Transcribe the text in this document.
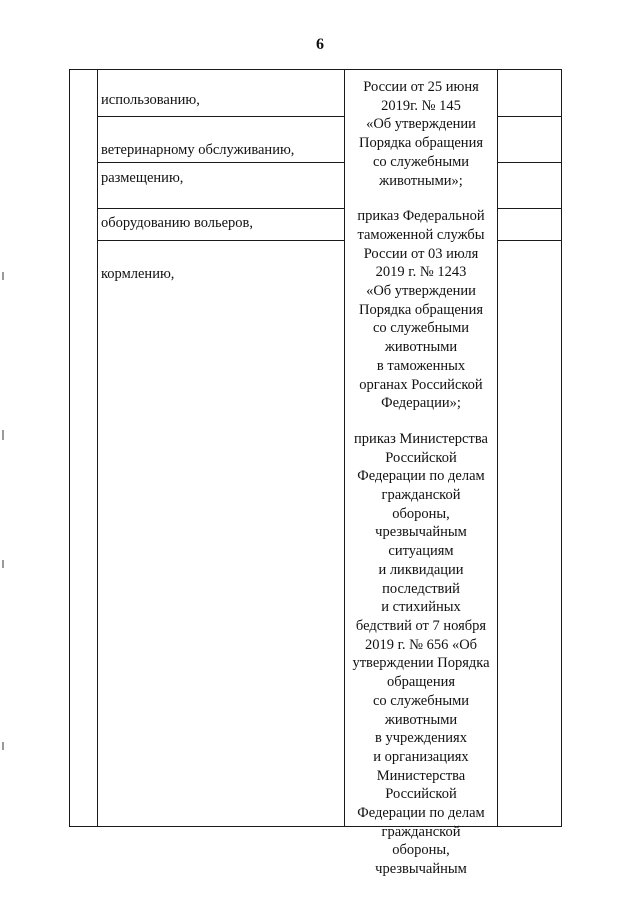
6
использованию,
ветеринарному обслуживанию,
размещению,
оборудованию вольеров,
кормлению,
России от 25 июня
2019г. № 145
«Об утверждении
Порядка обращения
со служебными
животными»;
приказ Федеральной
таможенной службы
России от 03 июля
2019 г. № 1243
«Об утверждении
Порядка обращения
со служебными
животными
в таможенных
органах Российской
Федерации»;
приказ Министерства
Российской
Федерации по делам
гражданской
обороны,
чрезвычайным
ситуациям
и ликвидации
последствий
и стихийных
бедствий от 7 ноября
2019 г. № 656 «Об
утверждении Порядка
обращения
со служебными
животными
в учреждениях
и организациях
Министерства
Российской
Федерации по делам
гражданской
обороны,
чрезвычайным
